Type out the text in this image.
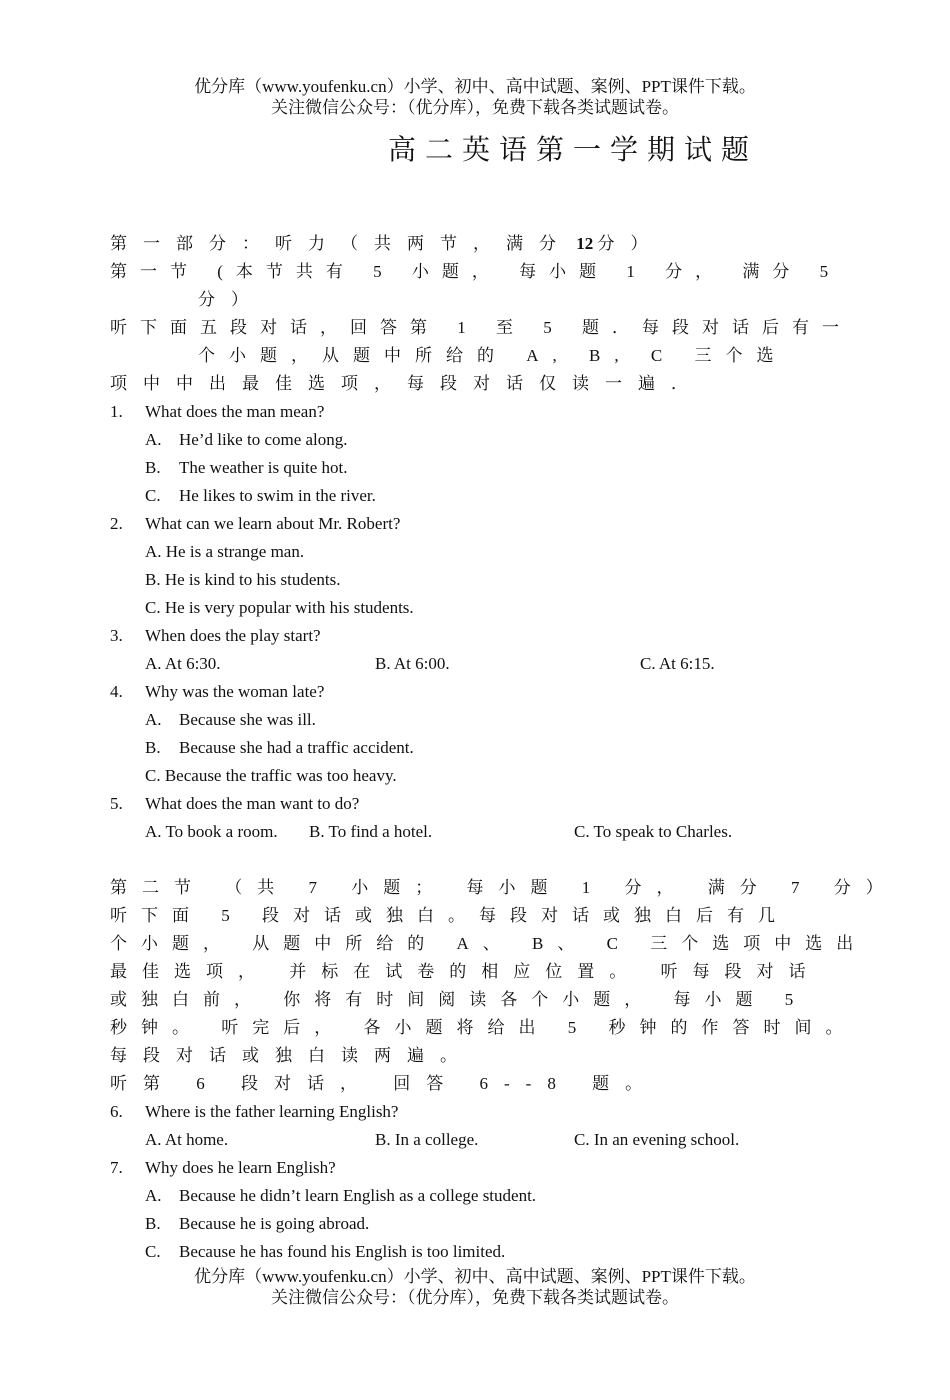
优分库（www.youfenku.cn）小学、初中、高中试题、案例、PPT课件下载。
关注微信公众号：（优分库），免费下载各类试题试卷。
高二英语第一学期试题
第一部分：听力（共两节，满分 12 分）
第一节 (本节共有 5 小题， 每小题 1 分， 满分 5
分）
听下面五段对话，回答第 1 至 5 题．每段对话后有一
个小题，从题中所给的 A, B, C 三个选
项中中出最佳选项，每段对话仅读一遍．
1.	What does the man mean?
A. He’d like to come along.
B. The weather is quite hot.
C. He likes to swim in the river.
2.	What can we learn about Mr. Robert?
A. He is a strange man.
B. He is kind to his students.
C. He is very popular with his students.
3.	When does the play start?
A. At 6:30.	B. At 6:00.	C. At 6:15.
4.	Why was the woman late?
A. Because she was ill.
B. Because she had a traffic accident.
C. Because the traffic was too heavy.
5.	What does the man want to do?
A. To book a room. B. To find a hotel.	C. To speak to Charles.
第二节 （共 7 小题； 每小题 1 分， 满分 7 分）
听下面 5 段对话或独白。每段对话或独白后有几
个小题， 从题中所给的 A、 B、 C 三个选项中选出
最佳选项， 并标在试卷的相应位置。 听每段对话
或独白前， 你将有时间阅读各个小题， 每小题 5
秒钟。 听完后， 各小题将给出 5 秒钟的作答时间。
每段对话或独白读两遍。
听第 6 段对话， 回答 6--8 题。
6.	Where is the father learning English?
A. At home.	B. In a college.	C. In an evening school.
7.	Why does he learn English?
A. Because he didn’t learn English as a college student.
B. Because he is going abroad.
C. Because he has found his English is too limited.
优分库（www.youfenku.cn）小学、初中、高中试题、案例、PPT课件下载。
关注微信公众号：（优分库），免费下载各类试题试卷。
